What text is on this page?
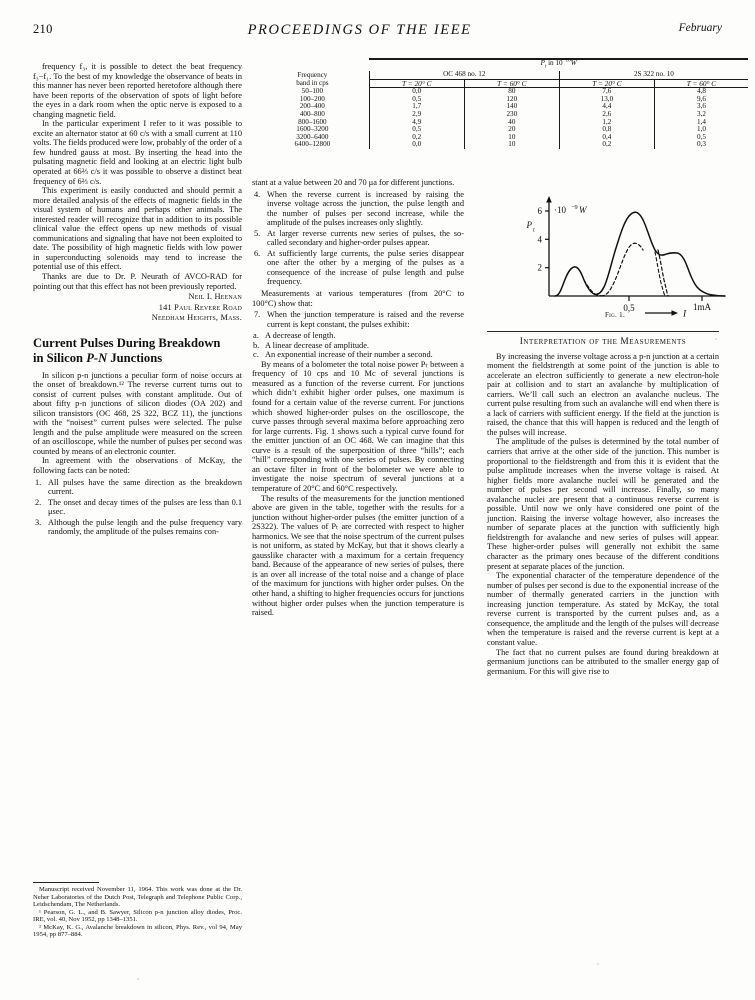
210	PROCEEDINGS OF THE IEEE	February
	$P_t$ in $10^{-10}W$			

Frequency
band in cps	OC 468 no. 12		2S 322 no. 10	
	T = 20° C	T = 60° C	T = 20° C	T = 60° C
50–100	0,0	80	7,6	4,8
100–200	0,5	120	13,0	9,6
200–400	1,7	140	4,4	3,6
400–800	2,9	230	2,6	3,2
800–1600	4,9	40	1,2	1,4
1600–3200	0,5	20	0,8	1,0
3200–6400	0,2	10	0,4	0,5
6400–12800	0,0	10	0,2	0,3
6
4
2
·10 −9 W
P
t
0,5	1mA
I
Fig. 1.

frequency f₃, it is possible to detect the beat frequency f₃−f₁. To the best of my knowledge the observance of beats in this manner has never been reported heretofore although there have been reports of the observation of spots of light before the eyes in a dark room when the optic nerve is exposed to a changing magnetic field.

In the particular experiment I refer to it was possible to excite an alternator stator at 60 c/s with a small current at 110 volts. The fields produced were low, probably of the order of a few hundred gauss at most. By inserting the head into the pulsating magnetic field and looking at an electric light bulb operated at 66⅔ c/s it was possible to observe a distinct beat frequency of 6⅔ c/s.

This experiment is easily conducted and should permit a more detailed analysis of the effects of magnetic fields in the visual system of humans and perhaps other animals. The interested reader will recognize that in addition to its possible clinical value the effect opens up new methods of visual communications and signaling that have not been exploited to date. The possibility of high magnetic fields with low power in superconducting solenoids may tend to increase the potential use of this effect.

Thanks are due to Dr. P. Neurath of AVCO-RAD for pointing out that this effect has not been previously reported.

Neil I. Heenan
141 Paul Revere Road
Needham Heights, Mass.
Current Pulses During Breakdown
in Silicon P-N Junctions

In silicon p-n junctions a peculiar form of noise occurs at the onset of breakdown.¹² The reverse current turns out to consist of current pulses with constant amplitude. Out of about fifty p-n junctions of silicon diodes (OA 202) and silicon transistors (OC 468, 2S 322, BCZ 11), the junctions with the “noisest” current pulses were selected. The pulse length and the pulse amplitude were measured on the screen of an oscilloscope, while the number of pulses per second was counted by means of an electronic counter.

In agreement with the observations of McKay, the following facts can be noted:

1. All pulses have the same direction as the breakdown current.
2. The onset and decay times of the pulses are less than 0.1 μsec.
3. Although the pulse length and the pulse frequency vary randomly, the amplitude of the pulses remains con-

Manuscript received November 11, 1964. This work was done at the Dr. Neher Laboratories of the Dutch Post, Telegraph and Telephone Public Corp., Leidschendam, The Netherlands.

¹ Pearson, G. L., and B. Sawyer, Silicon p-n junction alloy diodes, Proc. IRE, vol. 40, Nov 1952, pp 1348–1351.

² McKay, K. G., Avalanche breakdown in silicon, Phys. Rev., vol 94, May 1954, pp 877–884.

stant at a value between 20 and 70 μa for different junctions.

4. When the reverse current is increased by raising the inverse voltage across the junction, the pulse length and the number of pulses per second increase, while the amplitude of the pulses increases only slightly.
5. At larger reverse currents new series of pulses, the so-called secondary and higher-order pulses appear.
6. At sufficiently large currents, the pulse series disappear one after the other by a merging of the pulses as a consequence of the increase of pulse length and pulse frequency.

Measurements at various temperatures (from 20°C to 100°C) show that:

7. When the junction temperature is raised and the reverse current is kept constant, the pulses exhibit:
a. A decrease of length.
b. A linear decrease of amplitude.
c. An exponential increase of their number a second.

By means of a bolometer the total noise power Pₜ between a frequency of 10 cps and 10 Mc of several junctions is measured as a function of the reverse current. For junctions which didn’t exhibit higher order pulses, one maximum is found for a certain value of the reverse current. For junctions which showed higher-order pulses on the oscilloscope, the curve passes through several maxima before approaching zero for large currents. Fig. 1 shows such a typical curve found for the emitter junction of an OC 468. We can imagine that this curve is a result of the superposition of three “hills”; each “hill” corresponding with one series of pulses. By connecting an octave filter in front of the bolometer we were able to investigate the noise spectrum of several junctions at a temperature of 20°C and 60°C respectively.

The results of the measurements for the junction mentioned above are given in the table, together with the results for a junction without higher-order pulses (the emitter junction of a 2S322). The values of Pₜ are corrected with respect to higher harmonics. We see that the noise spectrum of the current pulses is not uniform, as stated by McKay, but that it shows clearly a gausslike character with a maximum for a certain frequency band. Because of the appearance of new series of pulses, there is an over all increase of the total noise and a change of place of the maximum for junctions with higher order pulses. On the other hand, a shifting to higher frequencies occurs for junctions without higher order pulses when the junction temperature is raised.

Interpretation of the Measurements

By increasing the inverse voltage across a p-n junction at a certain moment the fieldstrength at some point of the junction is able to accelerate an electron sufficiently to generate a new electron-hole pair at collision and to start an avalanche by multiplication of carriers. We’ll call such an electron an avalanche nucleus. The current pulse resulting from such an avalanche will end when there is a lack of carriers with sufficient energy. If the field at the junction is raised, the chance that this will happen is reduced and the length of the pulses will increase.

The amplitude of the pulses is determined by the total number of carriers that arrive at the other side of the junction. This number is proportional to the fieldstrength and from this it is evident that the pulse amplitude increases when the inverse voltage is raised. At higher fields more avalanche nuclei will be generated and the number of pulses per second will increase. Finally, so many avalanche nuclei are present that a continuous reverse current is possible. Until now we only have considered one point of the junction. Raising the inverse voltage however, also increases the number of separate places at the junction with sufficiently high fieldstrength for avalanche and new series of pulses will appear. These higher-order pulses will generally not exhibit the same character as the primary ones because of the different conditions present at separate places of the junction.

The exponential character of the temperature dependence of the number of pulses per second is due to the exponential increase of the number of thermally generated carriers in the junction with increasing junction temperature. As stated by McKay, the total reverse current is transported by the current pulses and, as a consequence, the amplitude and the length of the pulses will decrease when the temperature is raised and the reverse current is kept at a constant value.

The fact that no current pulses are found during breakdown at germanium junctions can be attributed to the smaller energy gap of germanium. For this will give rise to
